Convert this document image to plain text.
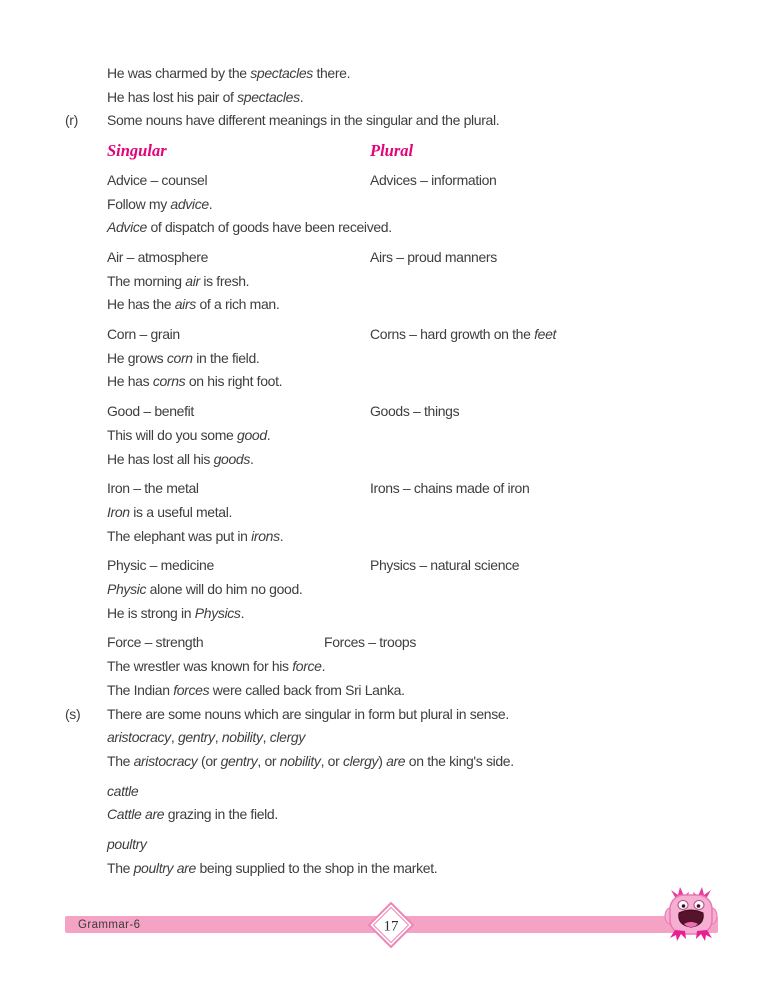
He was charmed by the spectacles there.
He has lost his pair of spectacles.
(r) Some nouns have different meanings in the singular and the plural.
Singular	Plural
Advice – counsel	Advices – information
Follow my advice.
Advice of dispatch of goods have been received.
Air – atmosphere	Airs – proud manners
The morning air is fresh.
He has the airs of a rich man.
Corn – grain	Corns – hard growth on the feet
He grows corn in the field.
He has corns on his right foot.
Good – benefit	Goods – things
This will do you some good.
He has lost all his goods.
Iron – the metal	Irons – chains made of iron
Iron is a useful metal.
The elephant was put in irons.
Physic – medicine	Physics – natural science
Physic alone will do him no good.
He is strong in Physics.
Force – strength	Forces – troops
The wrestler was known for his force.
The Indian forces were called back from Sri Lanka.
(s) There are some nouns which are singular in form but plural in sense.
aristocracy, gentry, nobility, clergy
The aristocracy (or gentry, or nobility, or clergy) are on the king's side.
cattle
Cattle are grazing in the field.
poultry
The poultry are being supplied to the shop in the market.
Grammar-6	17
